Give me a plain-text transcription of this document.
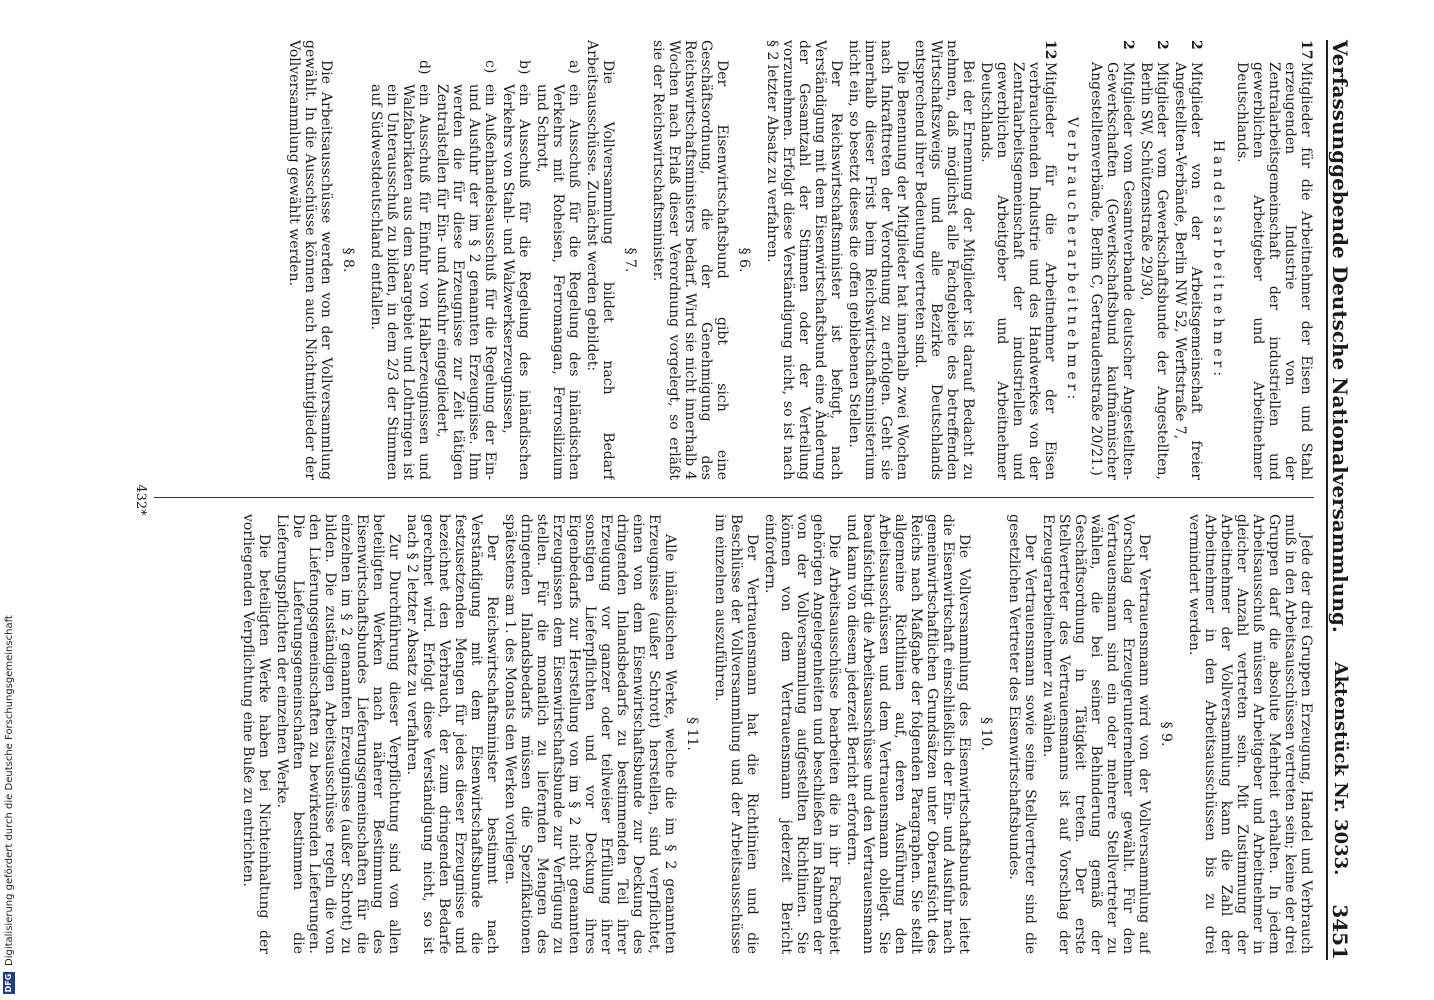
Verfassunggebende Deutsche Nationalversammlung.
Aktenstück Nr. 3033.
3451
17
Mitglieder für die Arbeitnehmer der Eisen und Stahl erzeugenden Industrie von der Zentralarbeitsgemeinschaft der industriellen und gewerblichen Arbeitgeber und Arbeitnehmer Deutschlands.
Handelsarbeitnehmer:
2
Mitglieder von der Arbeitsgemeinschaft freier Angestellten-Verbände, Berlin NW 52, Werftstraße 7,
2
Mitglieder vom Gewerkschaftsbunde der Angestellten, Berlin SW, Schützenstraße 29/30,
2
Mitglieder vom Gesamtverbande deutscher Angestellten-Gewerkschaften (Gewerkschaftsbund kaufmännischer Angestelltenverbände, Berlin C, Gertraudenstraße 20/21.)
Verbraucherarbeitnehmer:
12
Mitglieder für die Arbeitnehmer der Eisen verbrauchenden Industrie und des Handwerkes von der Zentralarbeitsgemeinschaft der industriellen und gewerblichen Arbeitgeber und Arbeitnehmer Deutschlands.

Bei der Ernennung der Mitglieder ist darauf Bedacht zu nehmen, daß möglichst alle Fachgebiete des betreffenden Wirtschaftszweigs und alle Bezirke Deutschlands entsprechend ihrer Bedeutung vertreten sind.

Die Benennung der Mitglieder hat innerhalb zwei Wochen nach Inkrafttreten der Verordnung zu erfolgen. Geht sie innerhalb dieser Frist beim Reichswirtschaftsministerium nicht ein, so besetzt dieses die offen gebliebenen Stellen.

Der Reichswirtschaftsminister ist befugt, nach Verständigung mit dem Eisenwirtschaftsbund eine Änderung der Gesamtzahl der Stimmen oder der Verteilung vorzunehmen. Erfolgt diese Verständigung nicht, so ist nach § 2 letzter Absatz zu verfahren.

§ 6.

Der Eisenwirtschaftsbund gibt sich eine Geschäftsordnung, die der Genehmigung des Reichswirtschaftsministers bedarf. Wird sie nicht innerhalb 4 Wochen nach Erlaß dieser Verordnung vorgelegt, so erläßt sie der Reichswirtschaftsminister.

§ 7.

Die Vollversammlung bildet nach Bedarf Arbeitsausschüsse. Zunächst werden gebildet:

a)
ein Ausschuß für die Regelung des inländischen Verkehrs mit Roheisen, Ferromangan, Ferrosilizium und Schrott,
b)
ein Ausschuß für die Regelung des inländischen Verkehrs von Stahl- und Walzwerkserzeugnissen,
c)
ein Außenhandelsausschuß für die Regelung der Ein- und Ausfuhr der im § 2 genannten Erzeugnisse. Ihm werden die für diese Erzeugnisse zur Zeit tätigen Zentralstellen für Ein- und Ausfuhr eingegliedert,
d)
ein Ausschuß für Einfuhr von Halberzeugnissen und Walzfabrikaten aus dem Saargebiet und Lothringen ist ein Unterausschuß zu bilden, in dem 2/3 der Stimmen auf Südwestdeutschland entfallen.
§ 8.

Die Arbeitsausschüsse werden von der Vollversammlung gewählt. In die Ausschüsse können auch Nichtmitglieder der Vollversammlung gewählt werden.

Jede der drei Gruppen Erzeugung, Handel und Verbrauch muß in den Arbeitsausschüssen vertreten sein; keine der drei Gruppen darf die absolute Mehrheit erhalten. In jedem Arbeitsausschuß müssen Arbeitgeber und Arbeitnehmer in gleicher Anzahl vertreten sein. Mit Zustimmung der Arbeitnehmer der Vollversammlung kann die Zahl der Arbeitnehmer in den Arbeitsausschüssen bis zu drei vermindert werden.

§ 9.

Der Vertrauensmann wird von der Vollversammlung auf Vorschlag der Erzeugerunternehmer gewählt. Für den Vertrauensmann sind ein oder mehrere Stellvertreter zu wählen, die bei seiner Behinderung gemäß der Geschäftsordnung in Tätigkeit treten. Der erste Stellvertreter des Vertrauensmanns ist auf Vorschlag der Erzeugerarbeitnehmer zu wählen.

Der Vertrauensmann sowie seine Stellvertreter sind die gesetzlichen Vertreter des Eisenwirtschaftsbundes.

§ 10.

Die Vollversammlung des Eisenwirtschaftsbundes leitet die Eisenwirtschaft einschließlich der Ein- und Ausfuhr nach gemeinwirtschaftlichen Grundsätzen unter Oberaufsicht des Reichs nach Maßgabe der folgenden Paragraphen. Sie stellt allgemeine Richtlinien auf, deren Ausführung den Arbeitsausschüssen und dem Vertrauensmann obliegt. Sie beaufsichtigt die Arbeitsausschüsse und den Vertrauensmann und kann von diesem jederzeit Bericht erfordern.

Die Arbeitsausschüsse bearbeiten die in ihr Fachgebiet gehörigen Angelegenheiten und beschließen im Rahmen der von der Vollversammlung aufgestellten Richtlinien. Sie können von dem Vertrauensmann jederzeit Bericht einfordern.

Der Vertrauensmann hat die Richtlinien und die Beschlüsse der Vollversammlung und der Arbeitsausschüsse im einzelnen auszuführen.

§ 11.

Alle inländischen Werke, welche die im § 2 genannten Erzeugnisse (außer Schrott) herstellen, sind verpflichtet, einen von dem Eisenwirtschaftsbunde zur Deckung des dringenden Inlandsbedarfs zu bestimmenden Teil ihrer Erzeugung vor ganzer oder teilweiser Erfüllung ihrer sonstigen Lieferpflichten und vor Deckung ihres Eigenbedarfs zur Herstellung von im § 2 nicht genannten Erzeugnissen dem Eisenwirtschaftsbunde zur Verfügung zu stellen. Für die monatlich zu liefernden Mengen des dringenden Inlandsbedarfs müssen die Spezifikationen spätestens am 1. des Monats den Werken vorliegen.

Der Reichswirtschaftsminister bestimmt nach Verständigung mit dem Eisenwirtschaftsbunde die festzusetzenden Mengen für jedes dieser Erzeugnisse und bezeichnet den Verbrauch, der zum dringenden Bedarfe gerechnet wird. Erfolgt diese Verständigung nicht, so ist nach § 2 letzter Absatz zu verfahren.

Zur Durchführung dieser Verpflichtung sind von allen beteiligten Werken nach näherer Bestimmung des Eisenwirtschaftsbundes Lieferungsgemeinschaften für die einzelnen im § 2 genannten Erzeugnisse (außer Schrott) zu bilden. Die zuständigen Arbeitsausschüsse regeln die von den Lieferungsgemeinschaften zu bewirkenden Lieferungen. Die Lieferungsgemeinschaften bestimmen die Lieferungspflichten der einzelnen Werke.

Die beteiligten Werke haben bei Nichteinhaltung der vorliegenden Verpflichtung eine Buße zu entrichten.

432*
DFG
Digitalisierung gefördert durch die Deutsche Forschungsgemeinschaft
